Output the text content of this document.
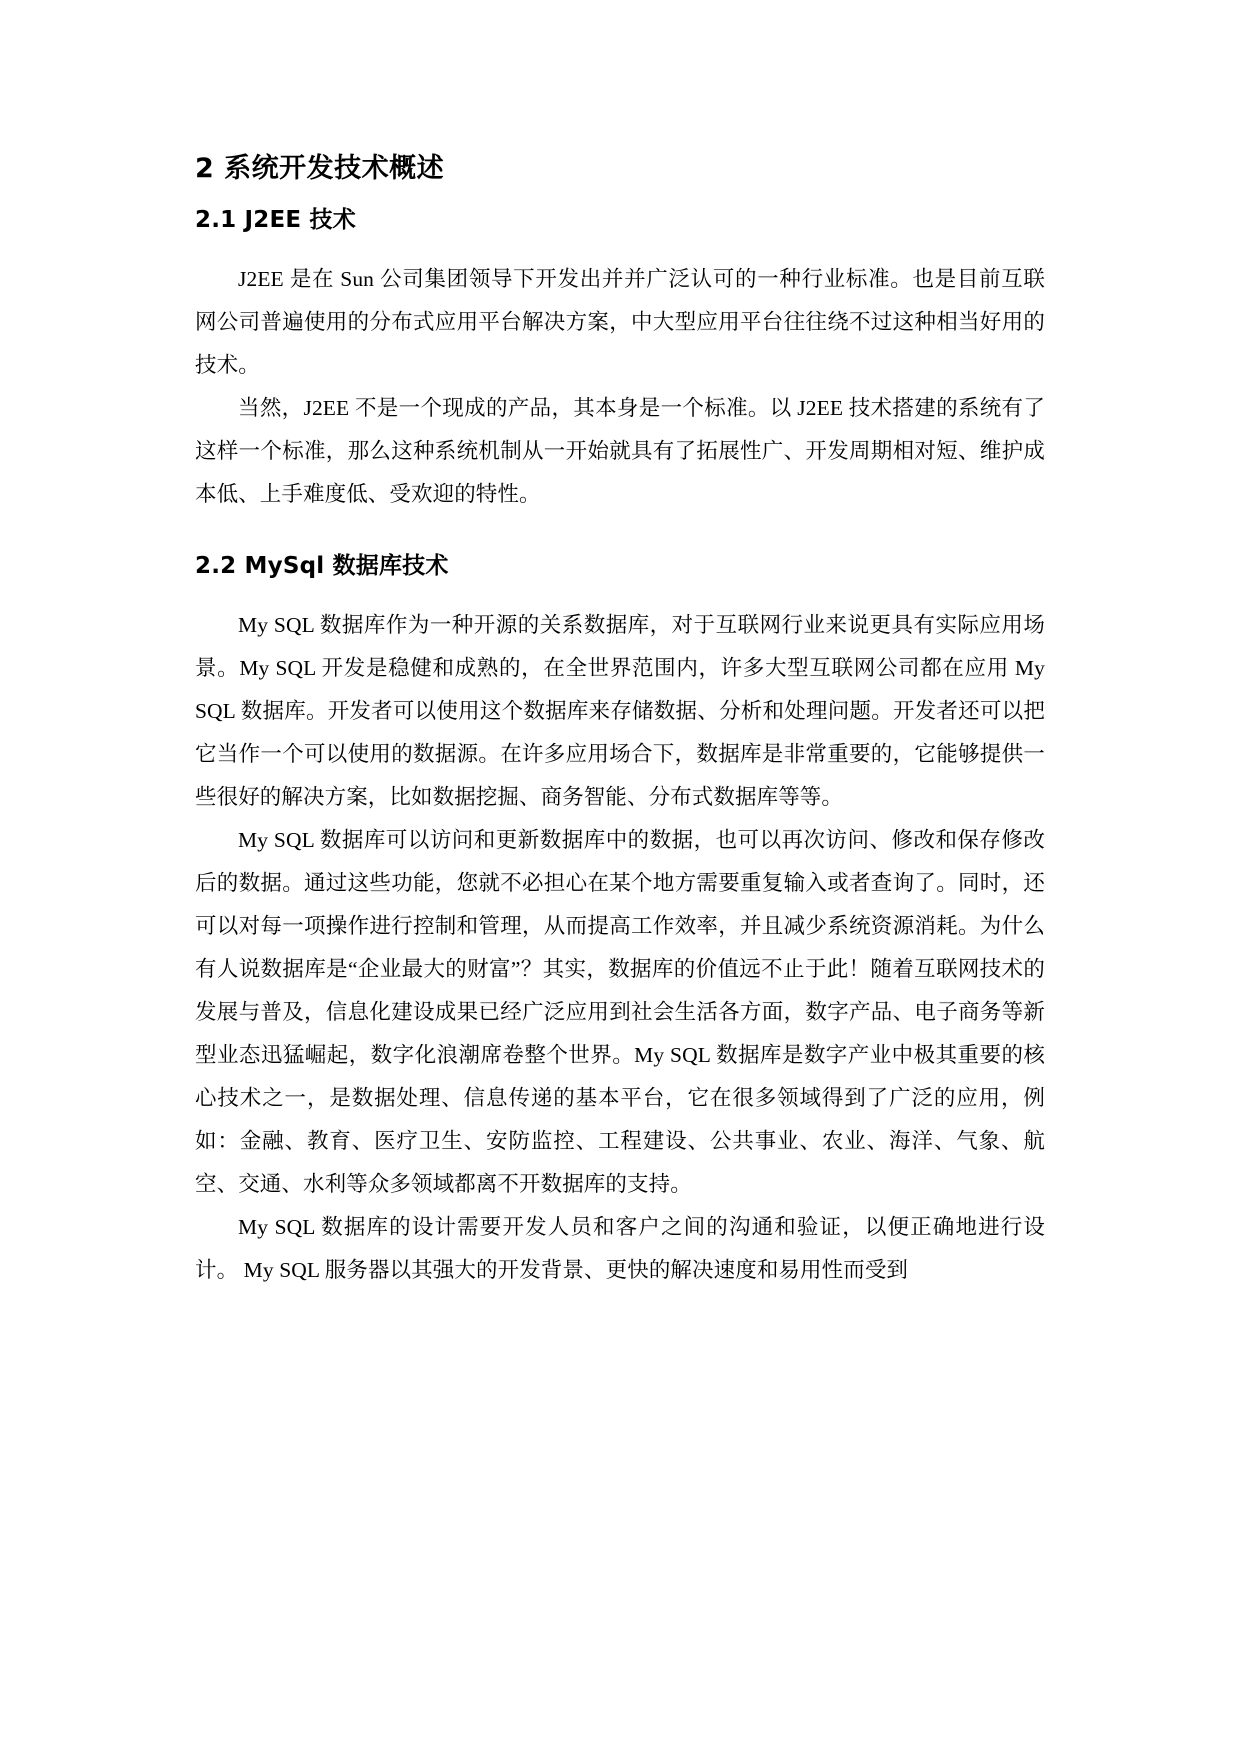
2 系统开发技术概述
2.1 J2EE 技术

J2EE 是在 Sun 公司集团领导下开发出并并广泛认可的一种行业标准。也是目前互联网公司普遍使用的分布式应用平台解决方案，中大型应用平台往往绕不过这种相当好用的技术。

当然，J2EE 不是一个现成的产品，其本身是一个标准。以 J2EE 技术搭建的系统有了这样一个标准，那么这种系统机制从一开始就具有了拓展性广、开发周期相对短、维护成本低、上手难度低、受欢迎的特性。

2.2 MySql 数据库技术

My SQL 数据库作为一种开源的关系数据库，对于互联网行业来说更具有实际应用场景。My SQL 开发是稳健和成熟的，在全世界范围内，许多大型互联网公司都在应用 My SQL 数据库。开发者可以使用这个数据库来存储数据、分析和处理问题。开发者还可以把它当作一个可以使用的数据源。在许多应用场合下，数据库是非常重要的，它能够提供一些很好的解决方案，比如数据挖掘、商务智能、分布式数据库等等。

My SQL 数据库可以访问和更新数据库中的数据，也可以再次访问、修改和保存修改后的数据。通过这些功能，您就不必担心在某个地方需要重复输入或者查询了。同时，还可以对每一项操作进行控制和管理，从而提高工作效率，并且减少系统资源消耗。为什么有人说数据库是“企业最大的财富”？其实，数据库的价值远不止于此！随着互联网技术的发展与普及，信息化建设成果已经广泛应用到社会生活各方面，数字产品、电子商务等新型业态迅猛崛起，数字化浪潮席卷整个世界。My SQL 数据库是数字产业中极其重要的核心技术之一，是数据处理、信息传递的基本平台，它在很多领域得到了广泛的应用，例如：金融、教育、医疗卫生、安防监控、工程建设、公共事业、农业、海洋、气象、航空、交通、水利等众多领域都离不开数据库的支持。

My SQL 数据库的设计需要开发人员和客户之间的沟通和验证，以便正确地进行设计。 My SQL 服务器以其强大的开发背景、更快的解决速度和易用性而受到
